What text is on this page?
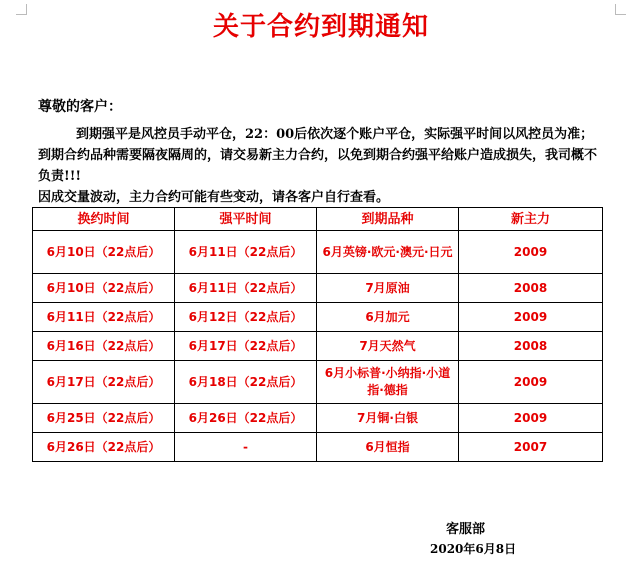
关于合约到期通知
尊敬的客户：

到期强平是风控员手动平仓，22：00后依次逐个账户平仓，实际强平时间以风控员为准；到期合约品种需要隔夜隔周的，请交易新主力合约，以免到期合约强平给账户造成损失，我司概不负责!!!

因成交量波动，主力合约可能有些变动，请各客户自行查看。

换约时间	强平时间	到期品种	新主力
6月10日（22点后）	6月11日（22点后）	6月英镑·欧元·澳元·日元	2009
6月10日（22点后）	6月11日（22点后）	7月原油	2008
6月11日（22点后）	6月12日（22点后）	6月加元	2009
6月16日（22点后）	6月17日（22点后）	7月天然气	2008
6月17日（22点后）	6月18日（22点后）	6月小标普·小纳指·小道指·德指	2009
6月25日（22点后）	6月26日（22点后）	7月铜·白银	2009
6月26日（22点后）	-	6月恒指	2007
客服部
2020年6月8日
